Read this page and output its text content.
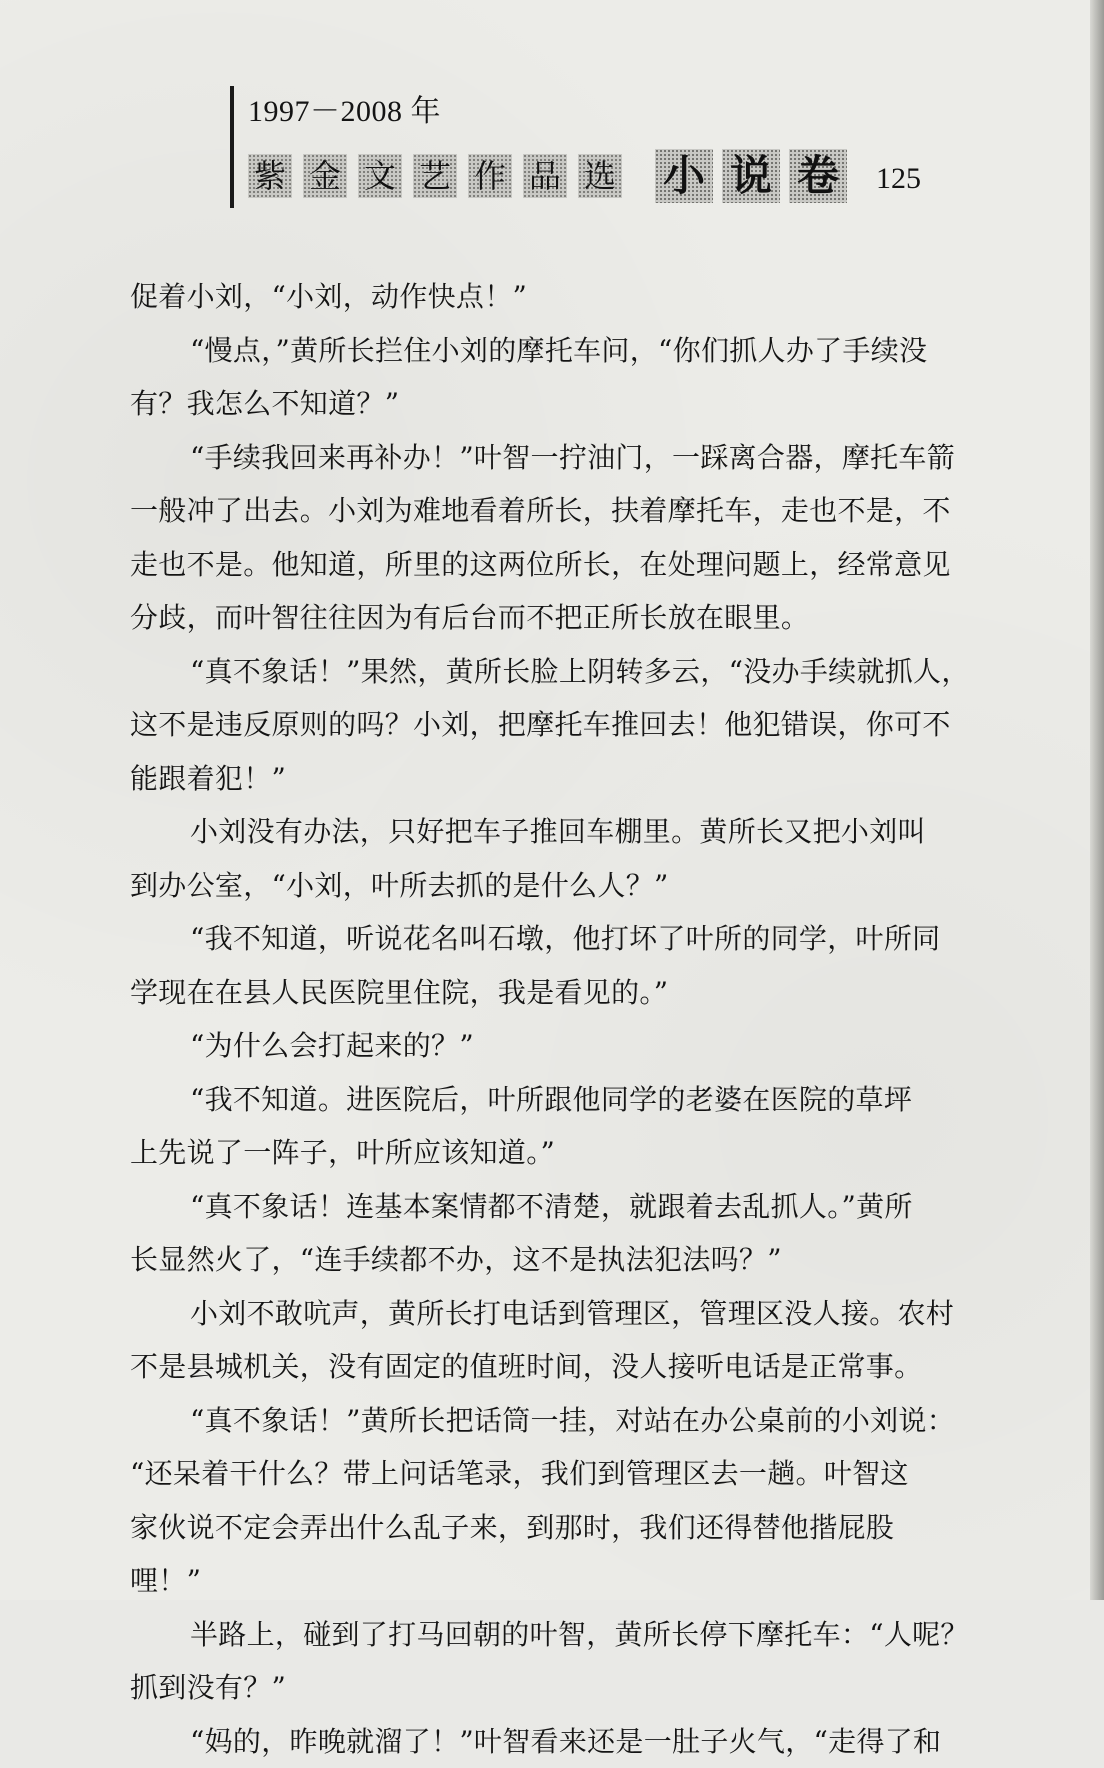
1997－2008 年
紫 金 文 艺 作 品 选 小 说 卷 125
促着小刘，“小刘，动作快点！”
“慢点，”黄所长拦住小刘的摩托车问，“你们抓人办了手续没
有？我怎么不知道？”
“手续我回来再补办！”叶智一拧油门，一踩离合器，摩托车箭
一般冲了出去。小刘为难地看着所长，扶着摩托车，走也不是，不
走也不是。他知道，所里的这两位所长，在处理问题上，经常意见
分歧，而叶智往往因为有后台而不把正所长放在眼里。
“真不象话！”果然，黄所长脸上阴转多云，“没办手续就抓人，
这不是违反原则的吗？小刘，把摩托车推回去！他犯错误，你可不
能跟着犯！”
小刘没有办法，只好把车子推回车棚里。黄所长又把小刘叫
到办公室，“小刘，叶所去抓的是什么人？”
“我不知道，听说花名叫石墩，他打坏了叶所的同学，叶所同
学现在在县人民医院里住院，我是看见的。”
“为什么会打起来的？”
“我不知道。进医院后，叶所跟他同学的老婆在医院的草坪
上先说了一阵子，叶所应该知道。”
“真不象话！连基本案情都不清楚，就跟着去乱抓人。”黄所
长显然火了，“连手续都不办，这不是执法犯法吗？”
小刘不敢吭声，黄所长打电话到管理区，管理区没人接。农村
不是县城机关，没有固定的值班时间，没人接听电话是正常事。
“真不象话！”黄所长把话筒一挂，对站在办公桌前的小刘说：
“还呆着干什么？带上问话笔录，我们到管理区去一趟。叶智这
家伙说不定会弄出什么乱子来，到那时，我们还得替他揩屁股
哩！”
半路上，碰到了打马回朝的叶智，黄所长停下摩托车：“人呢？
抓到没有？”
“妈的，昨晚就溜了！”叶智看来还是一肚子火气，“走得了和
